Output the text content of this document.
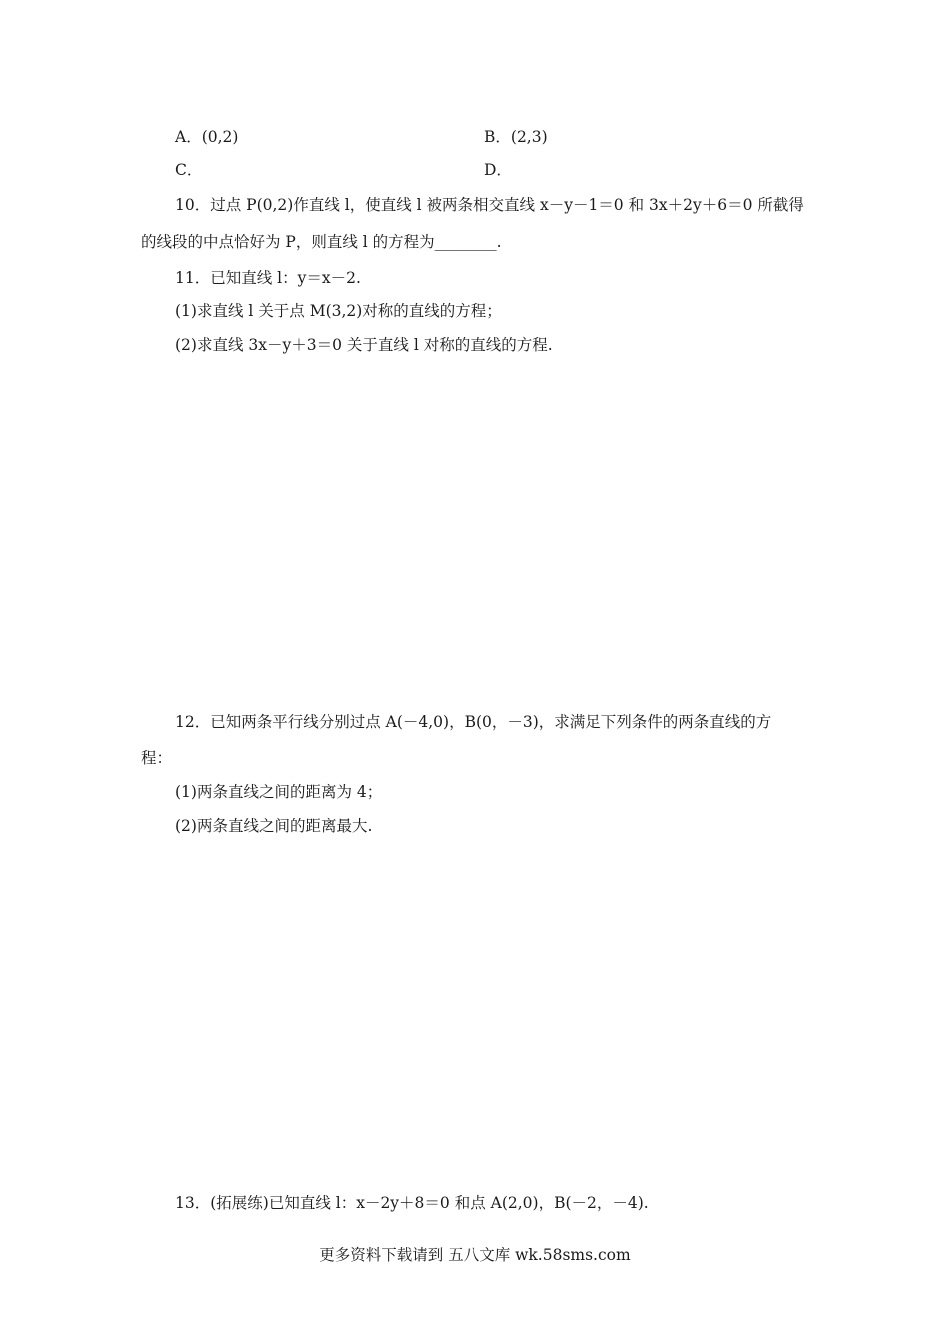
A．(0,2)	B．(2,3)
C．	D．
10．过点 P(0,2)作直线 l，使直线 l 被两条相交直线 x－y－1＝0 和 3x＋2y＋6＝0 所截得
的线段的中点恰好为 P，则直线 l 的方程为________.
11．已知直线 l：y＝x－2.
(1)求直线 l 关于点 M(3,2)对称的直线的方程；
(2)求直线 3x－y＋3＝0 关于直线 l 对称的直线的方程.
12．已知两条平行线分别过点 A(－4,0)，B(0，－3)，求满足下列条件的两条直线的方
程：
(1)两条直线之间的距离为 4；
(2)两条直线之间的距离最大.
13．(拓展练)已知直线 l：x－2y＋8＝0 和点 A(2,0)，B(－2，－4).
更多资料下载请到 五八文库 wk.58sms.com
